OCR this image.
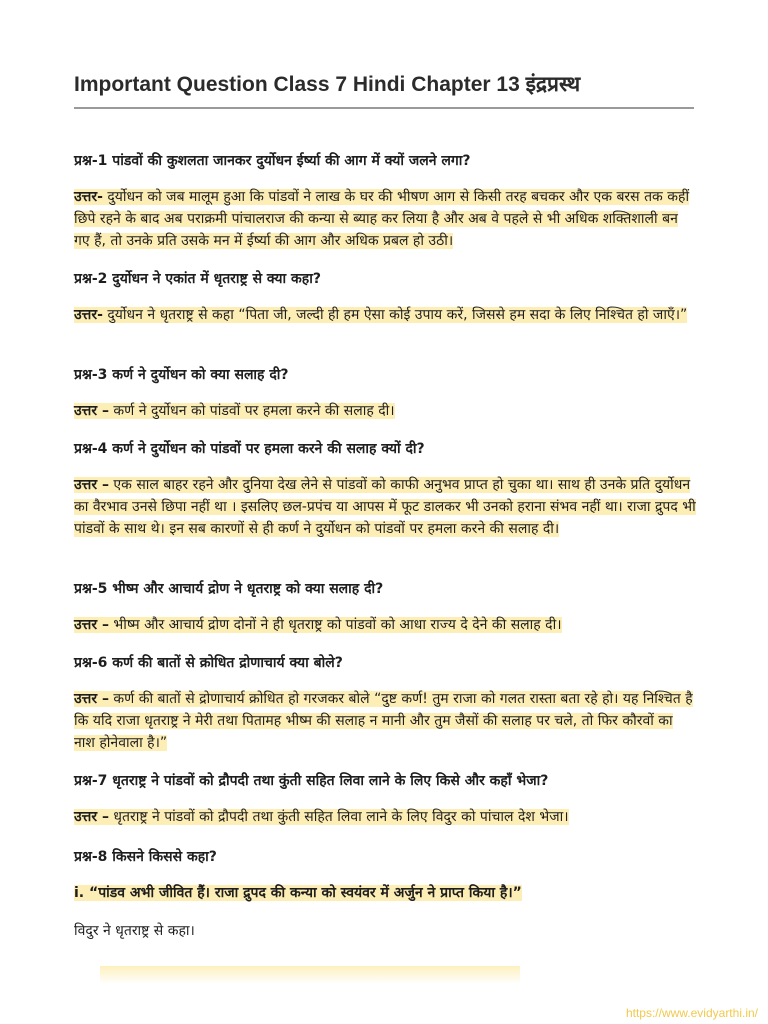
Important Question Class 7 Hindi Chapter 13 इंद्रप्रस्थ
प्रश्न-1 पांडवों की कुशलता जानकर दुर्योधन ईर्ष्या की आग में क्यों जलने लगा?
उत्तर- दुर्योधन को जब मालूम हुआ कि पांडवों ने लाख के घर की भीषण आग से किसी तरह बचकर और एक बरस तक कहीं छिपे रहने के बाद अब पराक्रमी पांचालराज की कन्या से ब्याह कर लिया है और अब वे पहले से भी अधिक शक्तिशाली बन गए हैं, तो उनके प्रति उसके मन में ईर्ष्या की आग और अधिक प्रबल हो उठी।
प्रश्न-2 दुर्योधन ने एकांत में धृतराष्ट्र से क्या कहा?
उत्तर- दुर्योधन ने धृतराष्ट्र से कहा “पिता जी, जल्दी ही हम ऐसा कोई उपाय करें, जिससे हम सदा के लिए निश्चित हो जाएँ।”
प्रश्न-3 कर्ण ने दुर्योधन को क्या सलाह दी?
उत्तर – कर्ण ने दुर्योधन को पांडवों पर हमला करने की सलाह दी।
प्रश्न-4 कर्ण ने दुर्योधन को पांडवों पर हमला करने की सलाह क्यों दी?
उत्तर – एक साल बाहर रहने और दुनिया देख लेने से पांडवों को काफी अनुभव प्राप्त हो चुका था। साथ ही उनके प्रति दुर्योधन का वैरभाव उनसे छिपा नहीं था । इसलिए छल-प्रपंच या आपस में फूट डालकर भी उनको हराना संभव नहीं था। राजा द्रुपद भी पांडवों के साथ थे। इन सब कारणों से ही कर्ण ने दुर्योधन को पांडवों पर हमला करने की सलाह दी।
प्रश्न-5 भीष्म और आचार्य द्रोण ने धृतराष्ट्र को क्या सलाह दी?
उत्तर – भीष्म और आचार्य द्रोण दोनों ने ही धृतराष्ट्र को पांडवों को आधा राज्य दे देने की सलाह दी।
प्रश्न-6 कर्ण की बातों से क्रोधित द्रोणाचार्य क्या बोले?
उत्तर – कर्ण की बातों से द्रोणाचार्य क्रोधित हो गरजकर बोले “दुष्ट कर्ण! तुम राजा को गलत रास्ता बता रहे हो। यह निश्चित है कि यदि राजा धृतराष्ट्र ने मेरी तथा पितामह भीष्म की सलाह न मानी और तुम जैसों की सलाह पर चले, तो फिर कौरवों का नाश होनेवाला है।”
प्रश्न-7 धृतराष्ट्र ने पांडवों को द्रौपदी तथा कुंती सहित लिवा लाने के लिए किसे और कहाँ भेजा?
उत्तर – धृतराष्ट्र ने पांडवों को द्रौपदी तथा कुंती सहित लिवा लाने के लिए विदुर को पांचाल देश भेजा।
प्रश्न-8 किसने किससे कहा?
i. “पांडव अभी जीवित हैं। राजा द्रुपद की कन्या को स्वयंवर में अर्जुन ने प्राप्त किया है।”
विदुर ने धृतराष्ट्र से कहा।
https://www.evidyarthi.in/
